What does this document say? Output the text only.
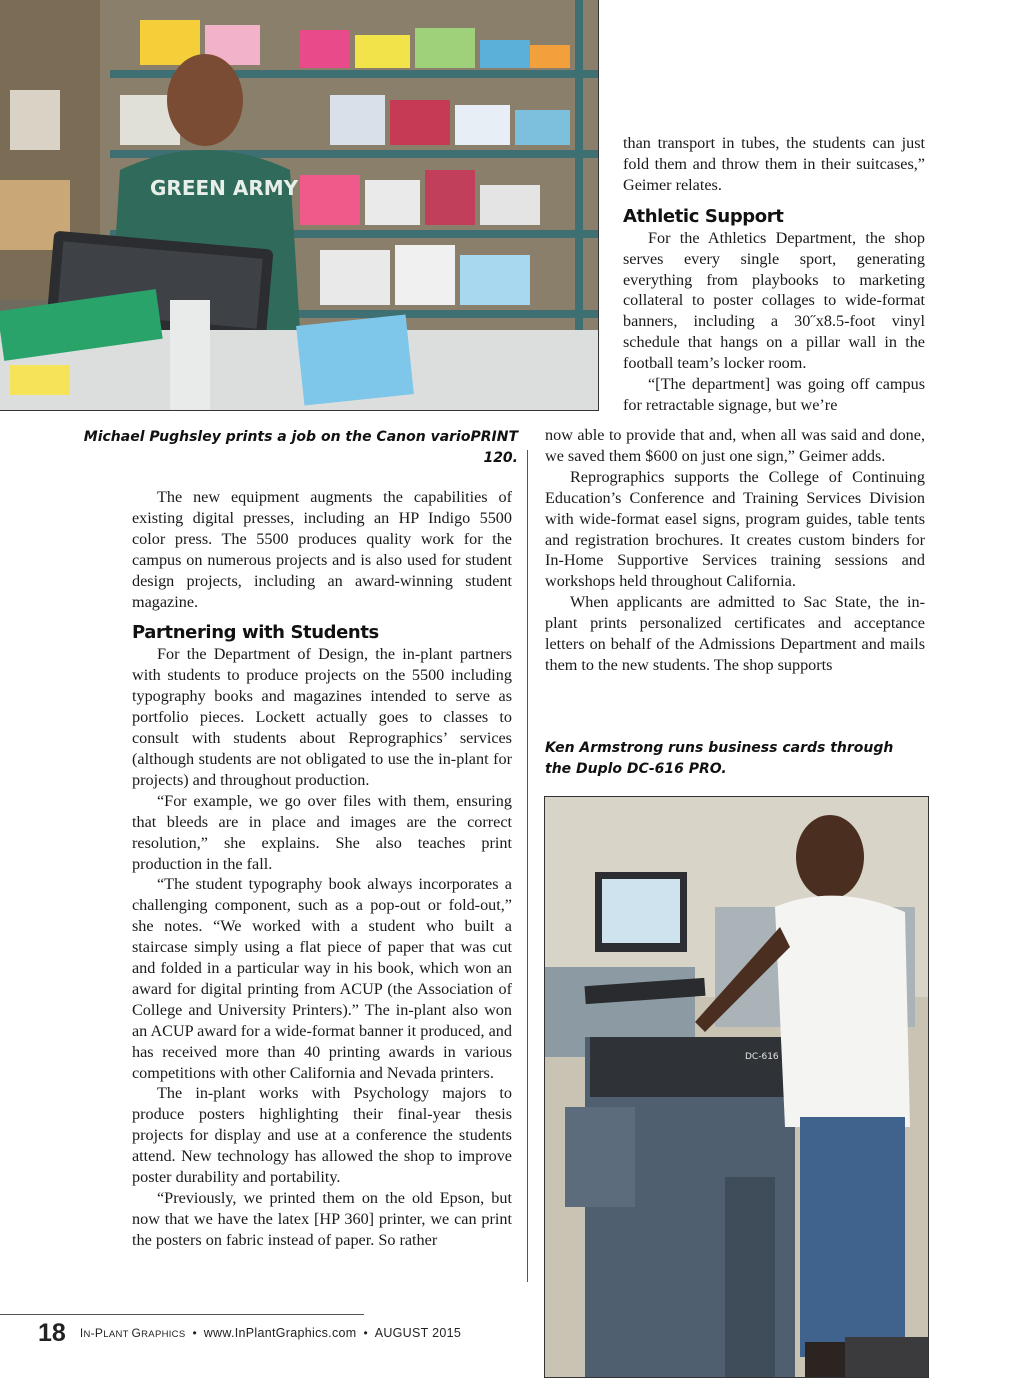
GREEN ARMY
Michael Pughsley prints a job on the Canon varioPRINT 120.

than transport in tubes, the students can just fold them and throw them in their suitcases,” Geimer relates.

Athletic Support

For the Athletics Department, the shop serves every single sport, generating everything from playbooks to marketing collateral to poster collages to wide-format banners, including a 30˝x8.5-foot vinyl schedule that hangs on a pillar wall in the football team’s locker room.

“[The department] was going off campus for retractable signage, but we’re

now able to provide that and, when all was said and done, we saved them $600 on just one sign,” Geimer adds.

Reprographics supports the College of Continuing Education’s Conference and Training Services Division with wide-format easel signs, program guides, table tents and registration brochures. It creates custom binders for In-Home Supportive Services training sessions and workshops held throughout California.

When applicants are admitted to Sac State, the in-plant prints personalized certificates and acceptance letters on behalf of the Admissions Department and mails them to the new students. The shop supports

The new equipment augments the capabilities of existing digital presses, including an HP Indigo 5500 color press. The 5500 produces quality work for the campus on numerous projects and is also used for student design projects, including an award-winning student magazine.

Partnering with Students

For the Department of Design, the in-plant partners with students to produce projects on the 5500 including typography books and magazines intended to serve as portfolio pieces. Lockett actually goes to classes to consult with students about Reprographics’ services (although students are not obligated to use the in-plant for projects) and throughout production.

“For example, we go over files with them, ensuring that bleeds are in place and images are the correct resolution,” she explains. She also teaches print production in the fall.

“The student typography book always incorporates a challenging component, such as a pop-out or fold-out,” she notes. “We worked with a student who built a staircase simply using a flat piece of paper that was cut and folded in a particular way in his book, which won an award for digital printing from ACUP (the Association of College and University Printers).” The in-plant also won an ACUP award for a wide-format banner it produced, and has received more than 40 printing awards in various competitions with other California and Nevada printers.

The in-plant works with Psychology majors to produce posters highlighting their final-year thesis projects for display and use at a conference the students attend. New technology has allowed the shop to improve poster durability and portability.

“Previously, we printed them on the old Epson, but now that we have the latex [HP 360] printer, we can print the posters on fabric instead of paper. So rather

Ken Armstrong runs business cards through
the Duplo DC-616 PRO.
DC-616
18 IN-PLANT GRAPHICS • www.InPlantGraphics.com • AUGUST 2015
